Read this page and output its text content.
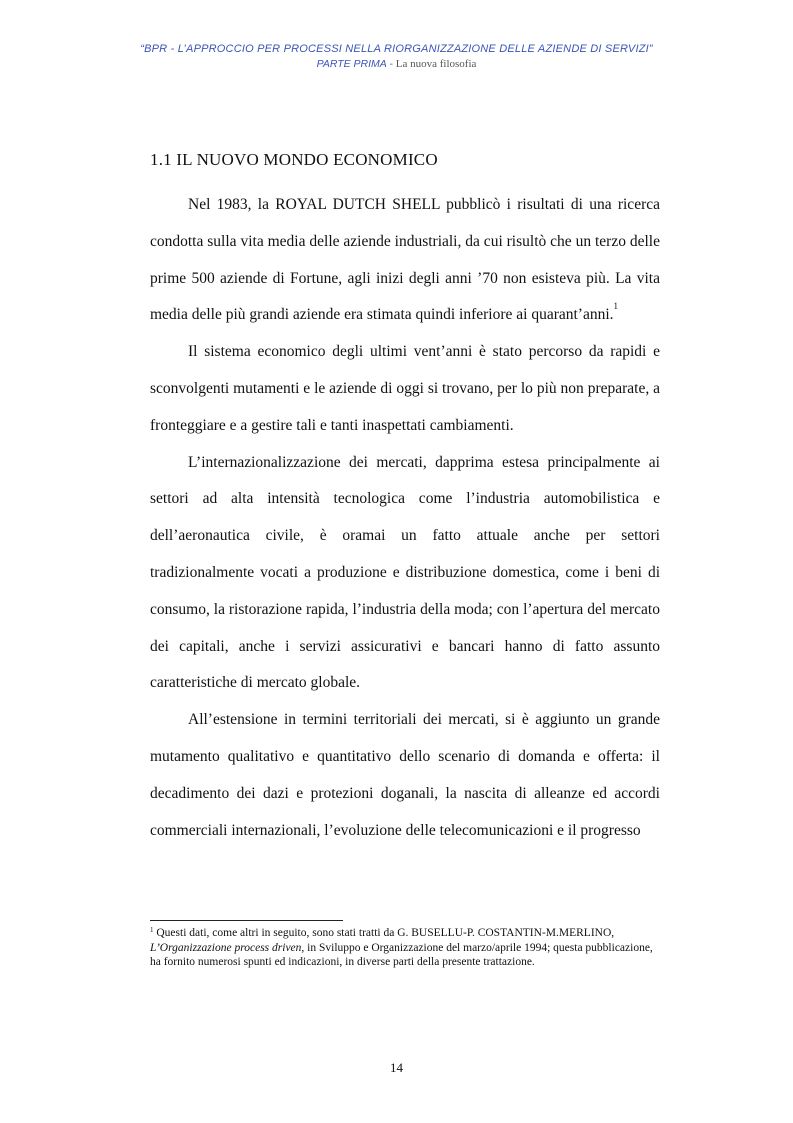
“BPR - L’APPROCCIO PER PROCESSI NELLA RIORGANIZZAZIONE DELLE AZIENDE DI SERVIZI”
PARTE PRIMA - La nuova filosofia
1.1 IL NUOVO MONDO ECONOMICO

Nel 1983, la ROYAL DUTCH SHELL pubblicò i risultati di una ricerca condotta sulla vita media delle aziende industriali, da cui risultò che un terzo delle prime 500 aziende di Fortune, agli inizi degli anni ’70 non esisteva più. La vita media delle più grandi aziende era stimata quindi inferiore ai quarant’anni.$^1$

Il sistema economico degli ultimi vent’anni è stato percorso da rapidi e sconvolgenti mutamenti e le aziende di oggi si trovano, per lo più non preparate, a fronteggiare e a gestire tali e tanti inaspettati cambiamenti.

L’internazionalizzazione dei mercati, dapprima estesa principalmente ai settori ad alta intensità tecnologica come l’industria automobilistica e dell’aeronautica civile, è oramai un fatto attuale anche per settori tradizionalmente vocati a produzione e distribuzione domestica, come i beni di consumo, la ristorazione rapida, l’industria della moda; con l’apertura del mercato dei capitali, anche i servizi assicurativi e bancari hanno di fatto assunto caratteristiche di mercato globale.

All’estensione in termini territoriali dei mercati, si è aggiunto un grande mutamento qualitativo e quantitativo dello scenario di domanda e offerta: il decadimento dei dazi e protezioni doganali, la nascita di alleanze ed accordi commerciali internazionali, l’evoluzione delle telecomunicazioni e il progresso

$^1$ Questi dati, come altri in seguito, sono stati tratti da G. BUSELLU-P. COSTANTIN-M.MERLINO, L’Organizzazione process driven, in Sviluppo e Organizzazione del marzo/aprile 1994; questa pubblicazione, ha fornito numerosi spunti ed indicazioni, in diverse parti della presente trattazione.

14
